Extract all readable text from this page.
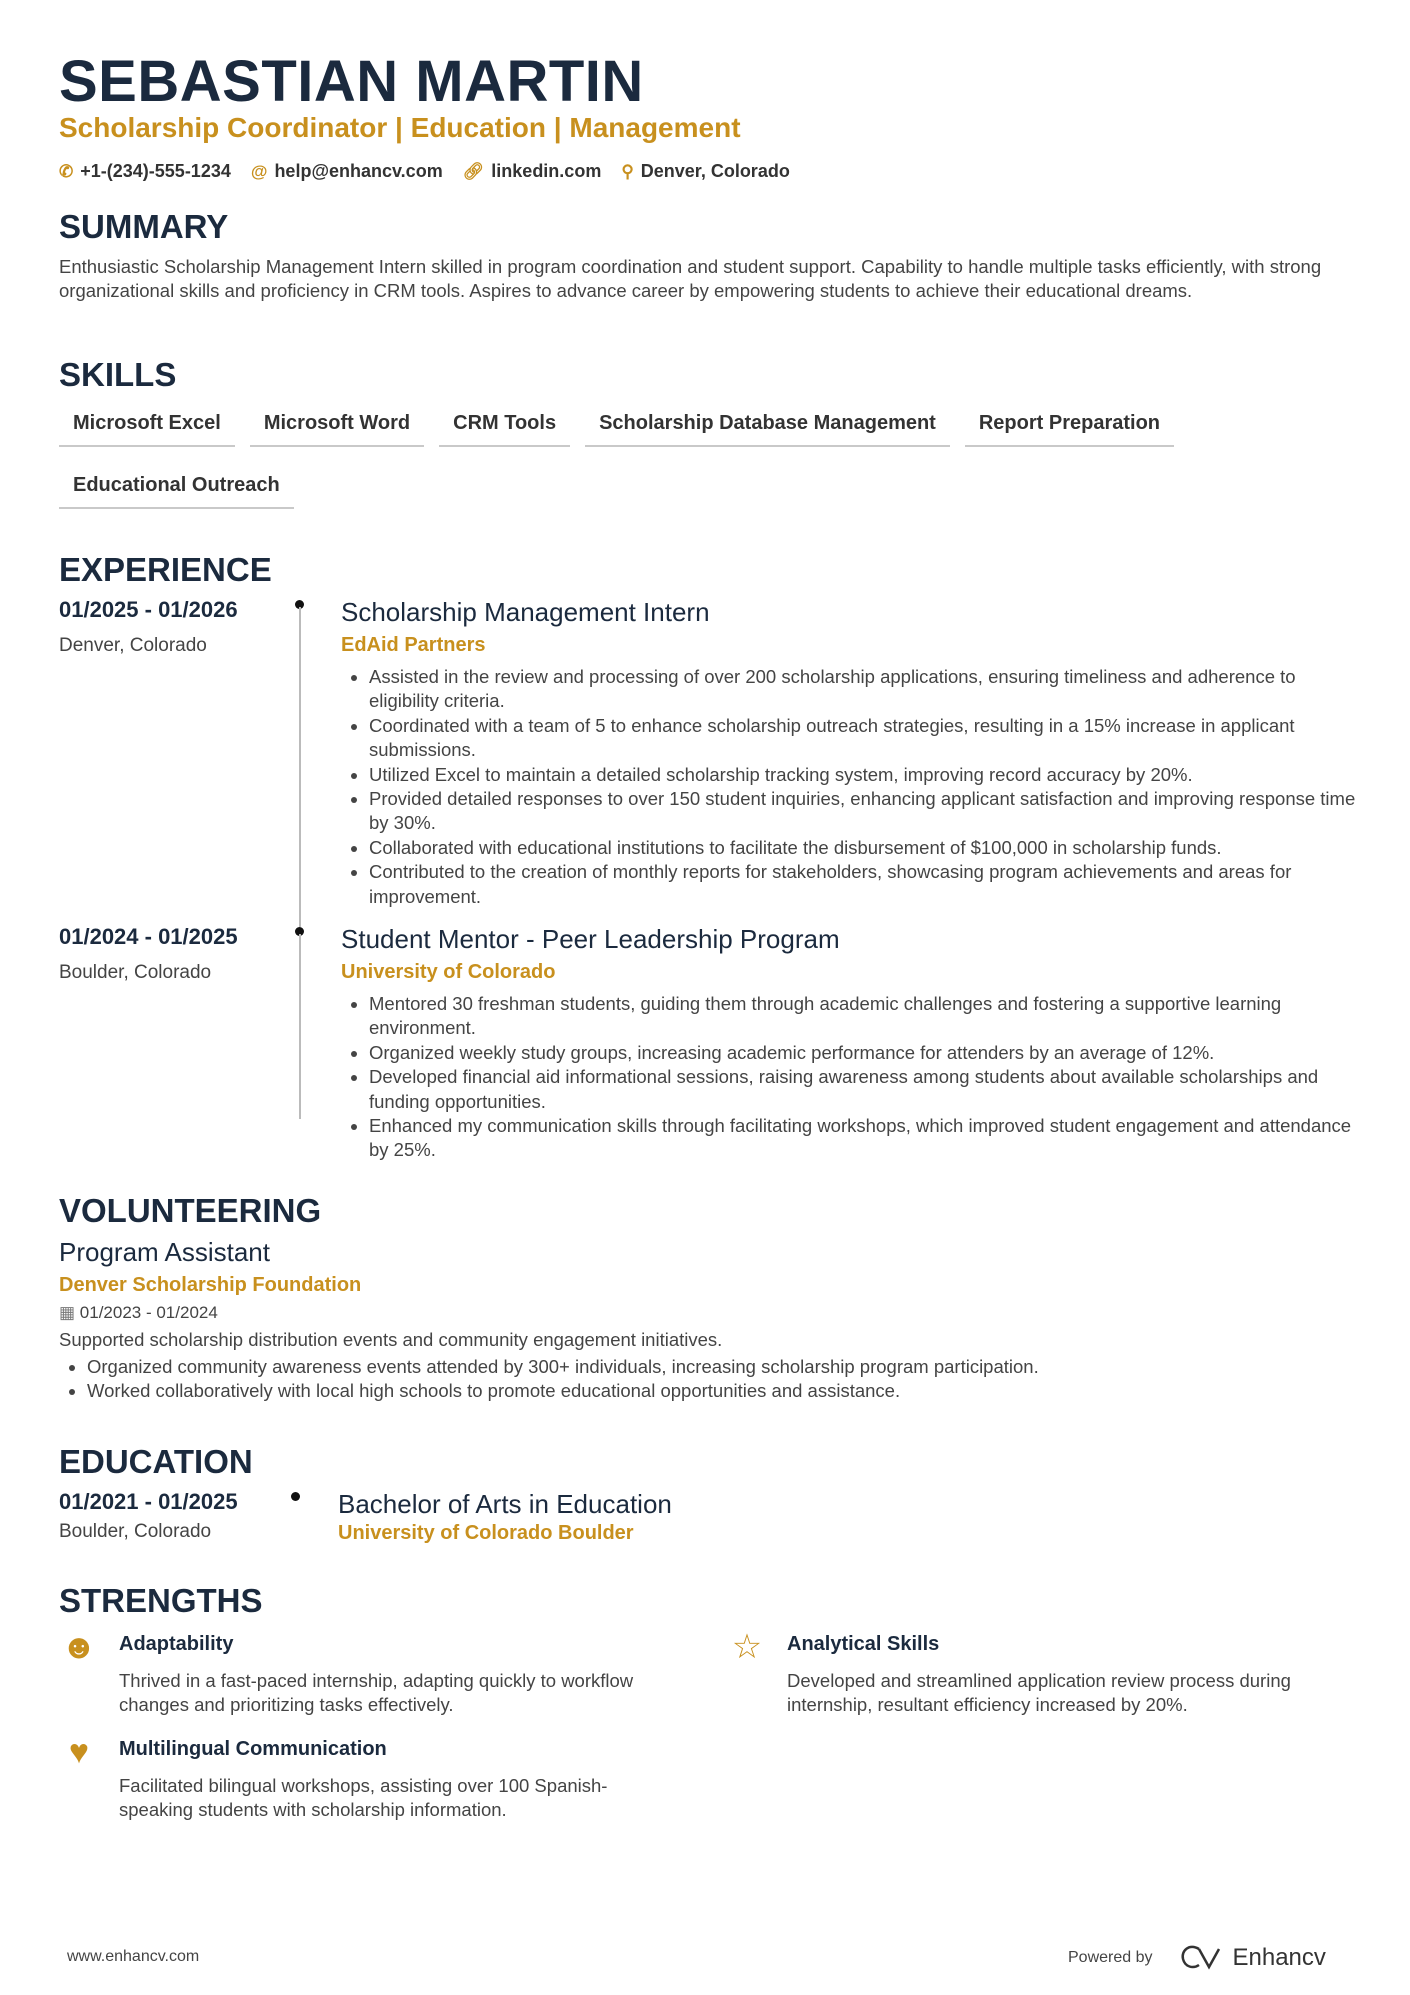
SEBASTIAN MARTIN
Scholarship Coordinator | Education | Management
✆ +1-(234)-555-1234 @ help@enhancv.com 🔗︎ linkedin.com ⚲ Denver, Colorado
SUMMARY
Enthusiastic Scholarship Management Intern skilled in program coordination and student support. Capability to handle multiple tasks efficiently, with strong organizational skills and proficiency in CRM tools. Aspires to advance career by empowering students to achieve their educational dreams.
SKILLS
Microsoft Excel	Microsoft Word	CRM Tools	Scholarship Database Management	Report Preparation
Educational Outreach
EXPERIENCE
01/2025 - 01/2026
Denver, Colorado
Scholarship Management Intern
EdAid Partners
• Assisted in the review and processing of over 200 scholarship applications, ensuring timeliness and adherence to eligibility criteria.
• Coordinated with a team of 5 to enhance scholarship outreach strategies, resulting in a 15% increase in applicant submissions.
• Utilized Excel to maintain a detailed scholarship tracking system, improving record accuracy by 20%.
• Provided detailed responses to over 150 student inquiries, enhancing applicant satisfaction and improving response time by 30%.
• Collaborated with educational institutions to facilitate the disbursement of $100,000 in scholarship funds.
• Contributed to the creation of monthly reports for stakeholders, showcasing program achievements and areas for improvement.
01/2024 - 01/2025
Boulder, Colorado
Student Mentor - Peer Leadership Program
University of Colorado
• Mentored 30 freshman students, guiding them through academic challenges and fostering a supportive learning environment.
• Organized weekly study groups, increasing academic performance for attenders by an average of 12%.
• Developed financial aid informational sessions, raising awareness among students about available scholarships and funding opportunities.
• Enhanced my communication skills through facilitating workshops, which improved student engagement and attendance by 25%.
VOLUNTEERING
Program Assistant
Denver Scholarship Foundation
▦ 01/2023 - 01/2024
Supported scholarship distribution events and community engagement initiatives.
• Organized community awareness events attended by 300+ individuals, increasing scholarship program participation.
• Worked collaboratively with local high schools to promote educational opportunities and assistance.
EDUCATION
01/2021 - 01/2025
Boulder, Colorado
Bachelor of Arts in Education
University of Colorado Boulder
STRENGTHS
☻ Adaptability
Thrived in a fast-paced internship, adapting quickly to workflow changes and prioritizing tasks effectively.
☆ Analytical Skills
Developed and streamlined application review process during internship, resultant efficiency increased by 20%.
♥	Multilingual Communication
Facilitated bilingual workshops, assisting over 100 Spanish-speaking students with scholarship information.
www.enhancv.com	Powered by	Enhancv
